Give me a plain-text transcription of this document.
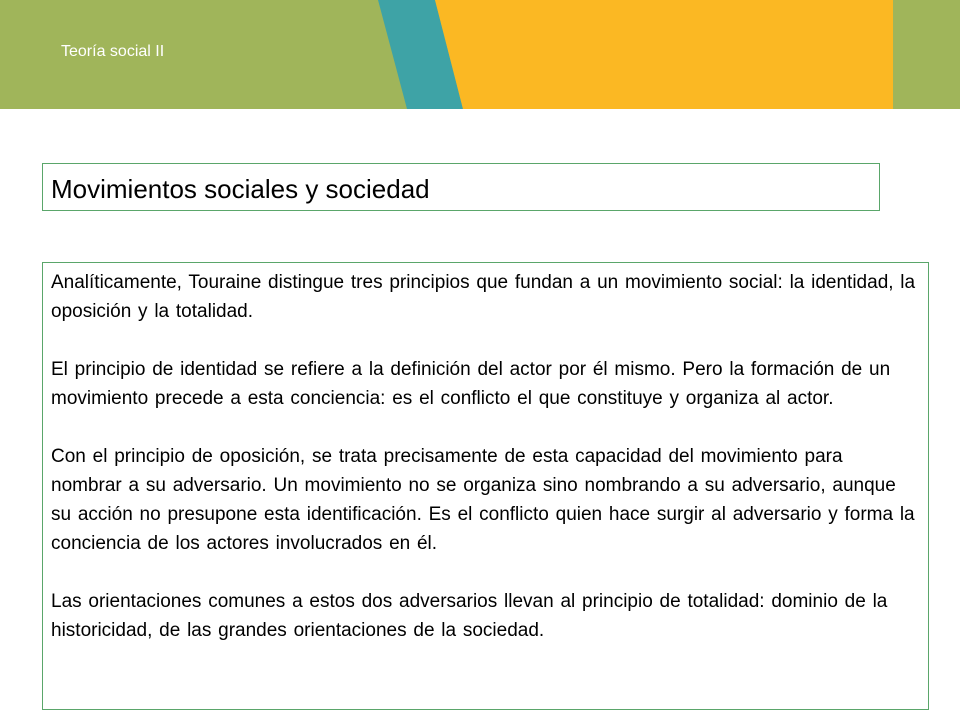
Teoría social II
Movimientos sociales y sociedad

Analíticamente, Touraine distingue tres principios que fundan a un movimiento social: la identidad, la oposición y la totalidad.

El principio de identidad se refiere a la definición del actor por él mismo. Pero la formación de un movimiento precede a esta conciencia: es el conflicto el que constituye y organiza al actor.

Con el principio de oposición, se trata precisamente de esta capacidad del movimiento para nombrar a su adversario. Un movimiento no se organiza sino nombrando a su adversario, aunque su acción no presupone esta identificación. Es el conflicto quien hace surgir al adversario y forma la conciencia de los actores involucrados en él.

Las orientaciones comunes a estos dos adversarios llevan al principio de totalidad: dominio de la historicidad, de las grandes orientaciones de la sociedad.
